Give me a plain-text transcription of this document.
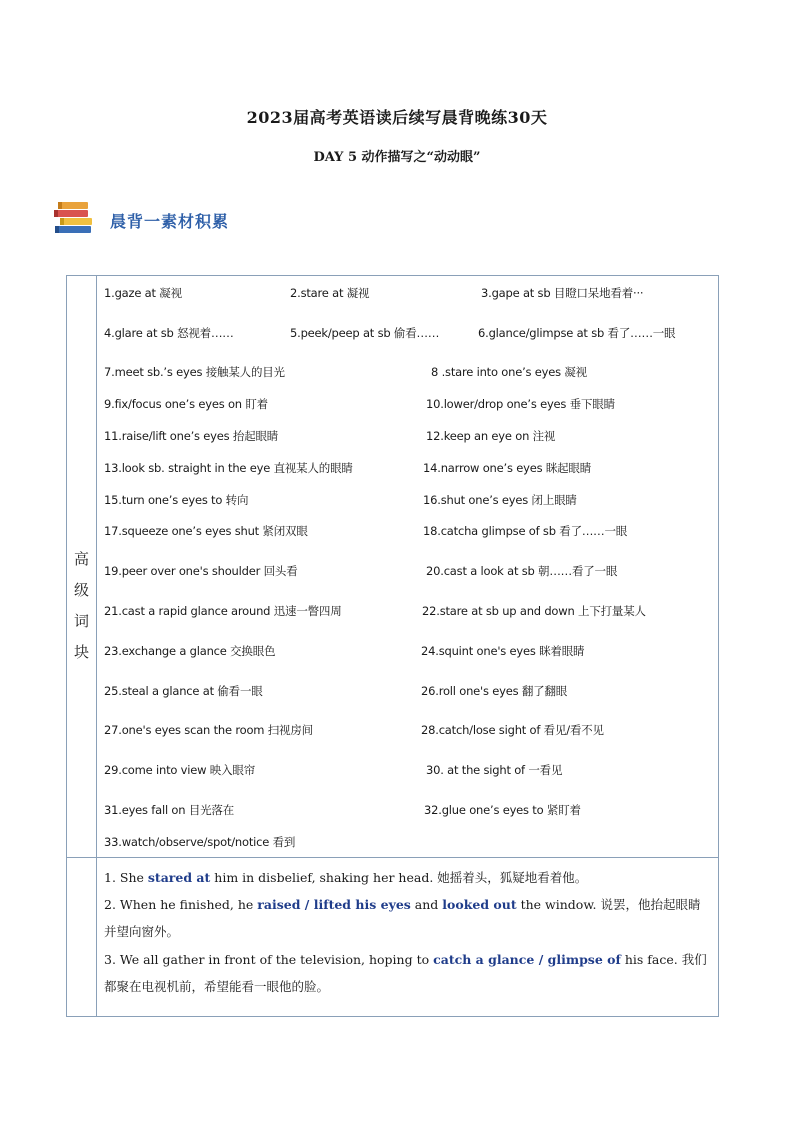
2023届高考英语读后续写晨背晚练30天
DAY 5 动作描写之“动动眼”
晨背一素材积累
高
级
词
块
1.gaze at 凝视	2.stare at 凝视	3.gape at sb 目瞪口呆地看着···
4.glare at sb 怒视着……	5.peek/peep at sb 偷看……	6.glance/glimpse at sb 看了……一眼
7.meet sb.’s eyes 接触某人的目光	8 .stare into one’s eyes 凝视
9.fix/focus one’s eyes on 盯着	10.lower/drop one’s eyes 垂下眼睛
11.raise/lift one’s eyes 抬起眼睛	12.keep an eye on 注视
13.look sb. straight in the eye 直视某人的眼睛	14.narrow one’s eyes 眯起眼睛
15.turn one’s eyes to 转向	16.shut one’s eyes 闭上眼睛
17.squeeze one’s eyes shut 紧闭双眼	18.catcha glimpse of sb 看了……一眼
19.peer over one's shoulder 回头看	20.cast a look at sb 朝……看了一眼
21.cast a rapid glance around 迅速一瞥四周	22.stare at sb up and down 上下打量某人
23.exchange a glance 交换眼色	24.squint one's eyes 眯着眼睛
25.steal a glance at 偷看一眼	26.roll one's eyes 翻了翻眼
27.one's eyes scan the room 扫视房间	28.catch/lose sight of 看见/看不见
29.come into view 映入眼帘	30. at the sight of 一看见
31.eyes fall on 目光落在	32.glue one’s eyes to 紧盯着
33.watch/observe/spot/notice 看到
1. She stared at him in disbelief, shaking her head. 她摇着头，狐疑地看着他。
2. When he finished, he raised / lifted his eyes and looked out the window. 说罢，他抬起眼睛并望向窗外。
3. We all gather in front of the television, hoping to catch a glance / glimpse of his face. 我们都聚在电视机前，希望能看一眼他的脸。
